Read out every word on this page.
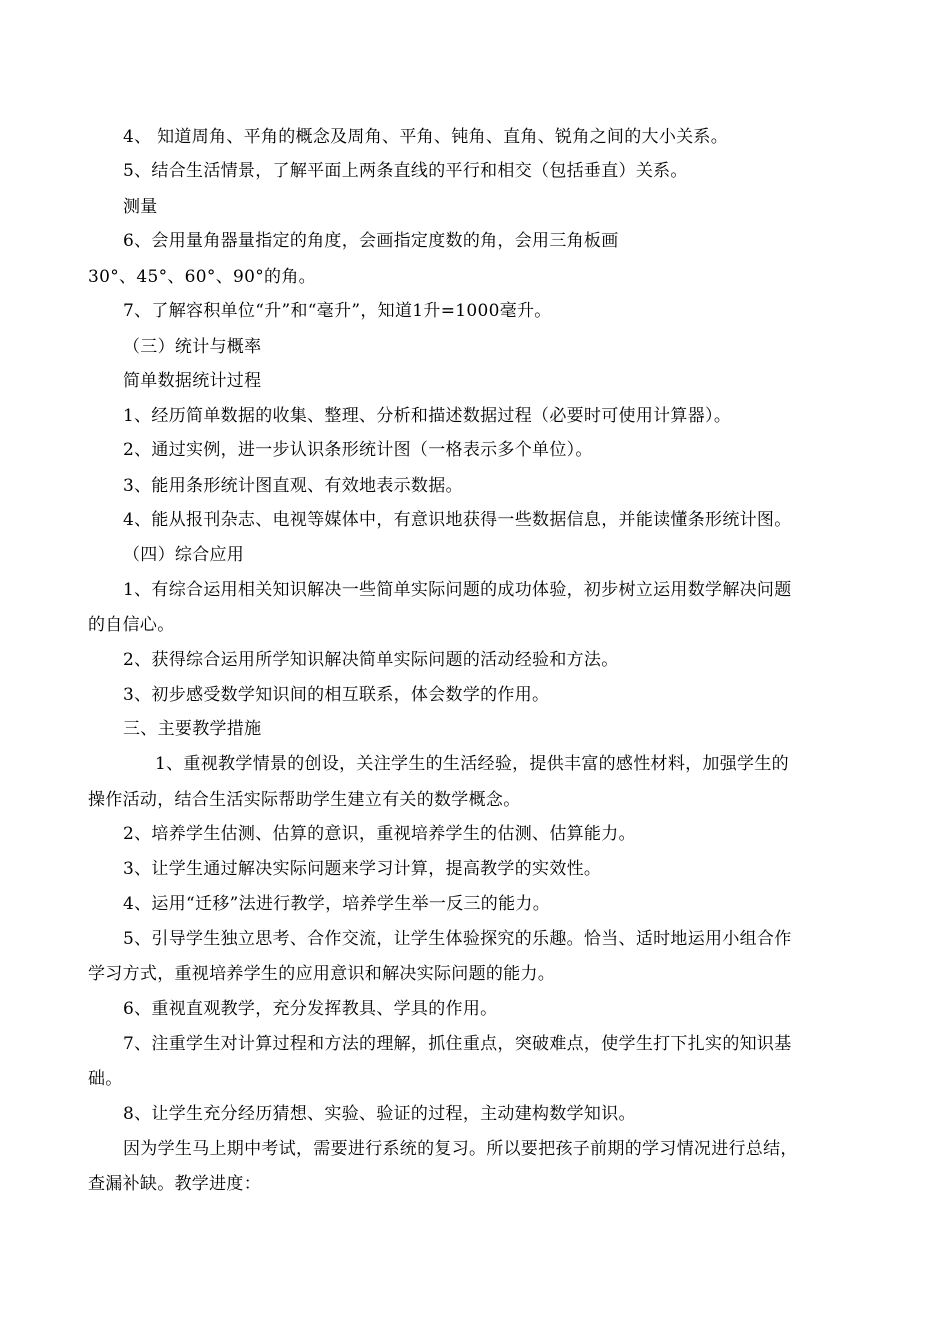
4、 知道周角、平角的概念及周角、平角、钝角、直角、锐角之间的大小关系。
5、结合生活情景，了解平面上两条直线的平行和相交（包括垂直）关系。
测量
6、会用量角器量指定的角度，会画指定度数的角，会用三角板画
30°、45°、60°、90°的角。
7、了解容积单位“升”和“毫升”，知道1升=1000毫升。
（三）统计与概率
简单数据统计过程
1、经历简单数据的收集、整理、分析和描述数据过程（必要时可使用计算器）。
2、通过实例，进一步认识条形统计图（一格表示多个单位）。
3、能用条形统计图直观、有效地表示数据。
4、能从报刊杂志、电视等媒体中，有意识地获得一些数据信息，并能读懂条形统计图。
（四）综合应用
1、有综合运用相关知识解决一些简单实际问题的成功体验，初步树立运用数学解决问题
的自信心。
2、获得综合运用所学知识解决简单实际问题的活动经验和方法。
3、初步感受数学知识间的相互联系，体会数学的作用。
三、主要教学措施
1、重视教学情景的创设，关注学生的生活经验，提供丰富的感性材料，加强学生的
操作活动，结合生活实际帮助学生建立有关的数学概念。
2、培养学生估测、估算的意识，重视培养学生的估测、估算能力。
3、让学生通过解决实际问题来学习计算，提高教学的实效性。
4、运用“迁移”法进行教学，培养学生举一反三的能力。
5、引导学生独立思考、合作交流，让学生体验探究的乐趣。恰当、适时地运用小组合作
学习方式，重视培养学生的应用意识和解决实际问题的能力。
6、重视直观教学，充分发挥教具、学具的作用。
7、注重学生对计算过程和方法的理解，抓住重点，突破难点，使学生打下扎实的知识基
础。
8、让学生充分经历猜想、实验、验证的过程，主动建构数学知识。
因为学生马上期中考试，需要进行系统的复习。所以要把孩子前期的学习情况进行总结，
查漏补缺。教学进度：
